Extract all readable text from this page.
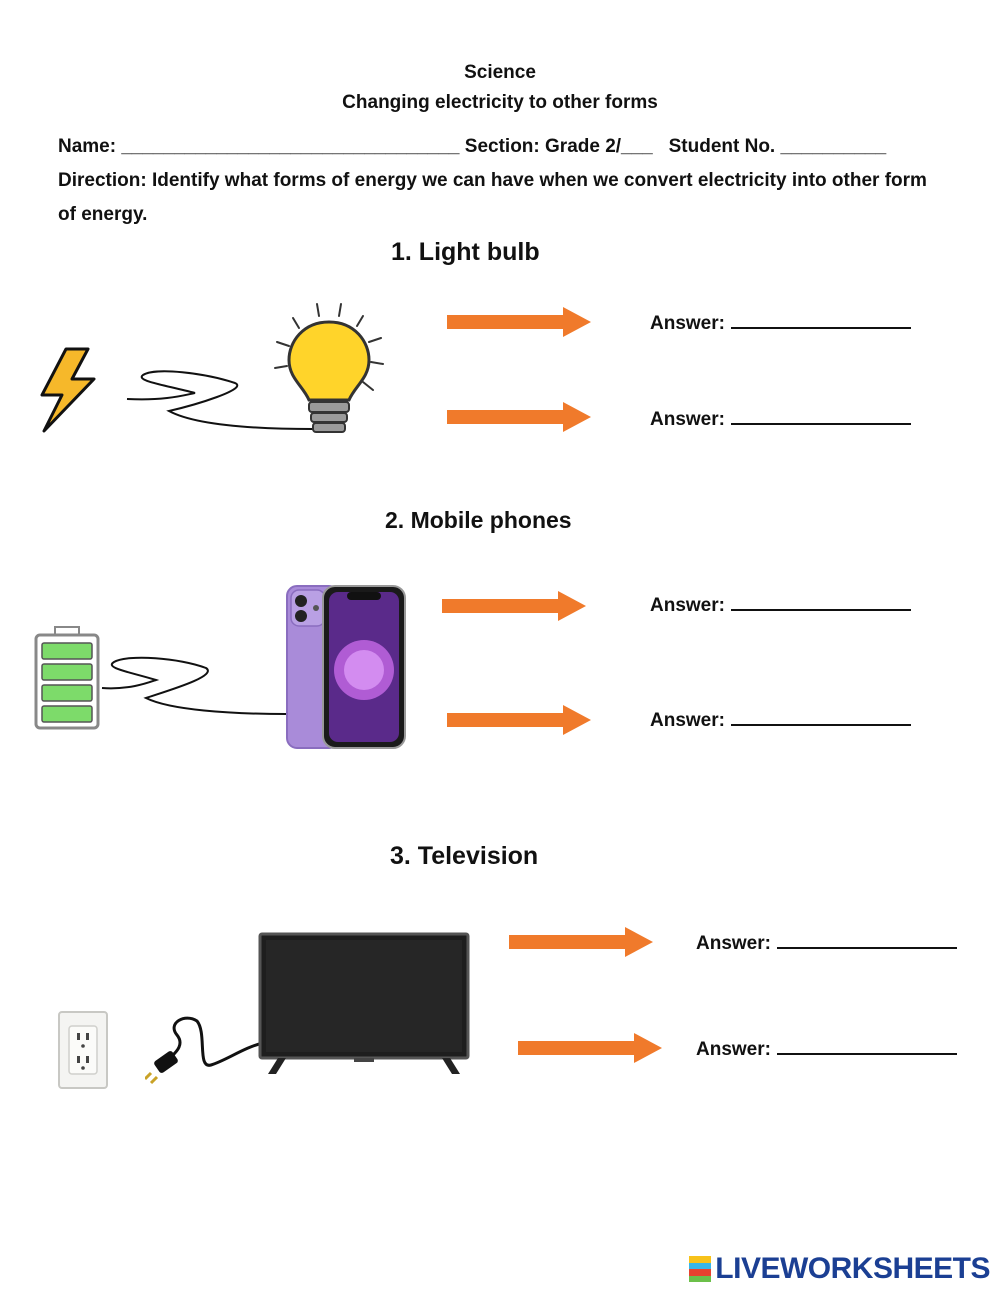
Science
Changing electricity to other forms
Name: ________________________________ Section: Grade 2/___ Student No. __________
Direction: Identify what forms of energy we can have when we convert electricity into other form of energy.
1. Light bulb
Answer:
Answer:
2. Mobile phones
Answer:
Answer:
3. Television
Answer:
Answer:
LIVEWORKSHEETS
